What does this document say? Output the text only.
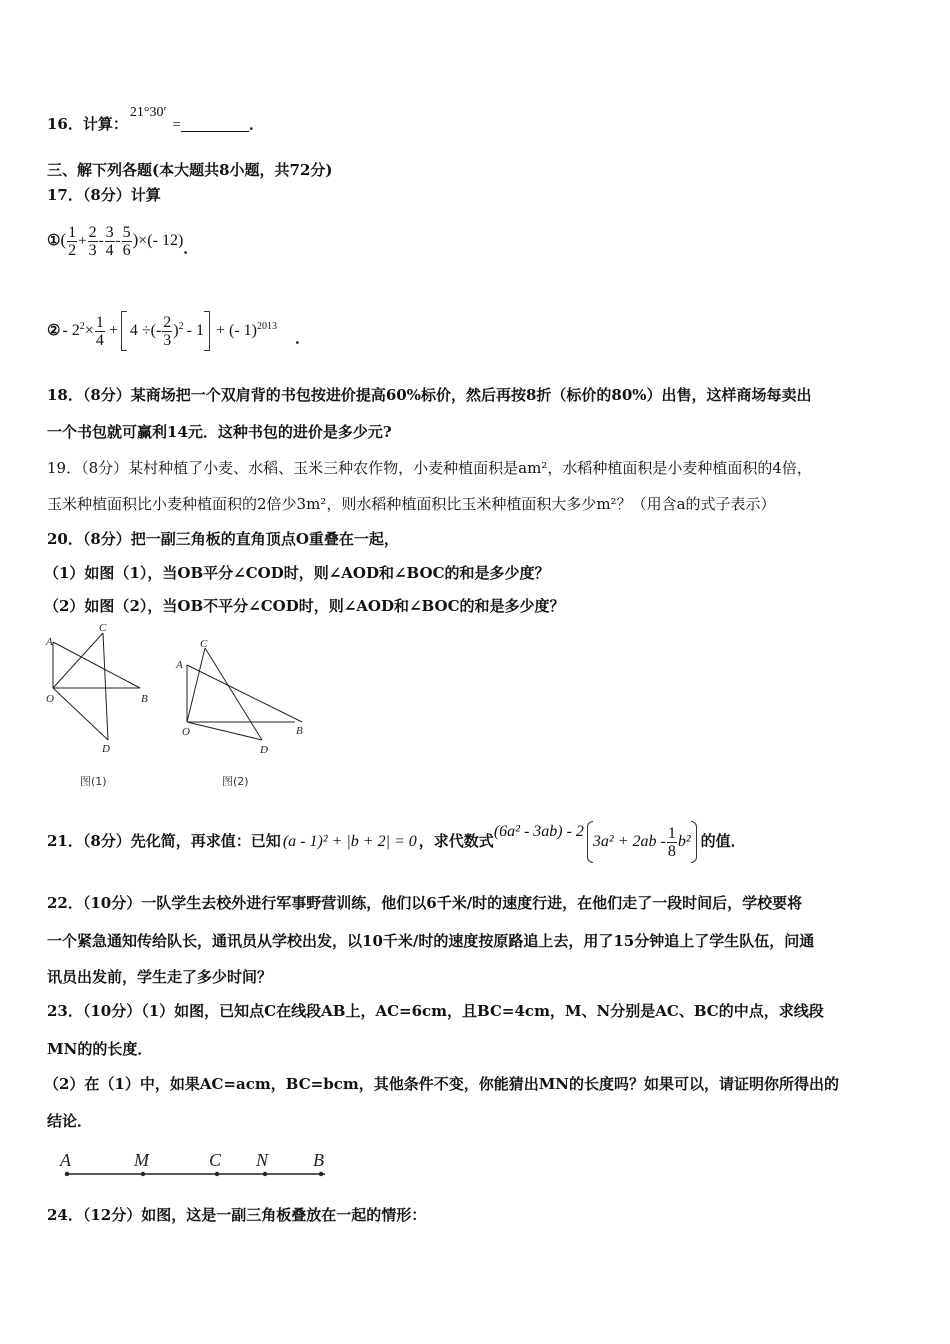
16．计算：21°30′=	．
三、解下列各题(本大题共8小题，共72分)
17．（8分）计算
①( $\frac{1}{2} + \frac{2}{3} - \frac{3}{4} - \frac{5}{6}$ )×(- 12)．
② - $2^2\times \frac{1}{4} + 4$ ÷(- $\frac{2}{3} )^2 - 1$ + (- 1)$^{2013}$．
18．（8分）某商场把一个双肩背的书包按进价提高60%标价，然后再按8折（标价的80%）出售，这样商场每卖出
一个书包就可赢利14元．这种书包的进价是多少元?
19．（8分）某村种植了小麦、水稻、玉米三种农作物，小麦种植面积是am²，水稻种植面积是小麦种植面积的4倍，
玉米种植面积比小麦种植面积的2倍少3m²，则水稻种植面积比玉米种植面积大多少m²？（用含a的式子表示）
20．（8分）把一副三角板的直角顶点O重叠在一起，
（1）如图（1），当OB平分∠COD时，则∠AOD和∠BOC的和是多少度？
（2）如图（2），当OB不平分∠COD时，则∠AOD和∠BOC的和是多少度？
A
C
O	B
D
图(1)
A
C
O	B
D
图(2)
21．（8分）先化简，再求值：已知 (a - 1)² + |b + 2| = 0 ，求代数式$(6a^2 - 3ab) - 23a^2 + 2ab - \frac{1}{8} b^2$ 的值．
22．（10分）一队学生去校外进行军事野营训练，他们以6千米/时的速度行进，在他们走了一段时间后，学校要将
一个紧急通知传给队长，通讯员从学校出发，以10千米/时的速度按原路追上去，用了15分钟追上了学生队伍，问通
讯员出发前，学生走了多少时间？
23．（10分）（1）如图，已知点C在线段AB上，AC=6cm，且BC=4cm，M、N分别是AC、BC的中点，求线段
MN的的长度．
（2）在（1）中，如果AC=acm，BC=bcm，其他条件不变，你能猜出MN的长度吗？如果可以，请证明你所得出的
结论．
A	M	C N B
24．（12分）如图，这是一副三角板叠放在一起的情形：
